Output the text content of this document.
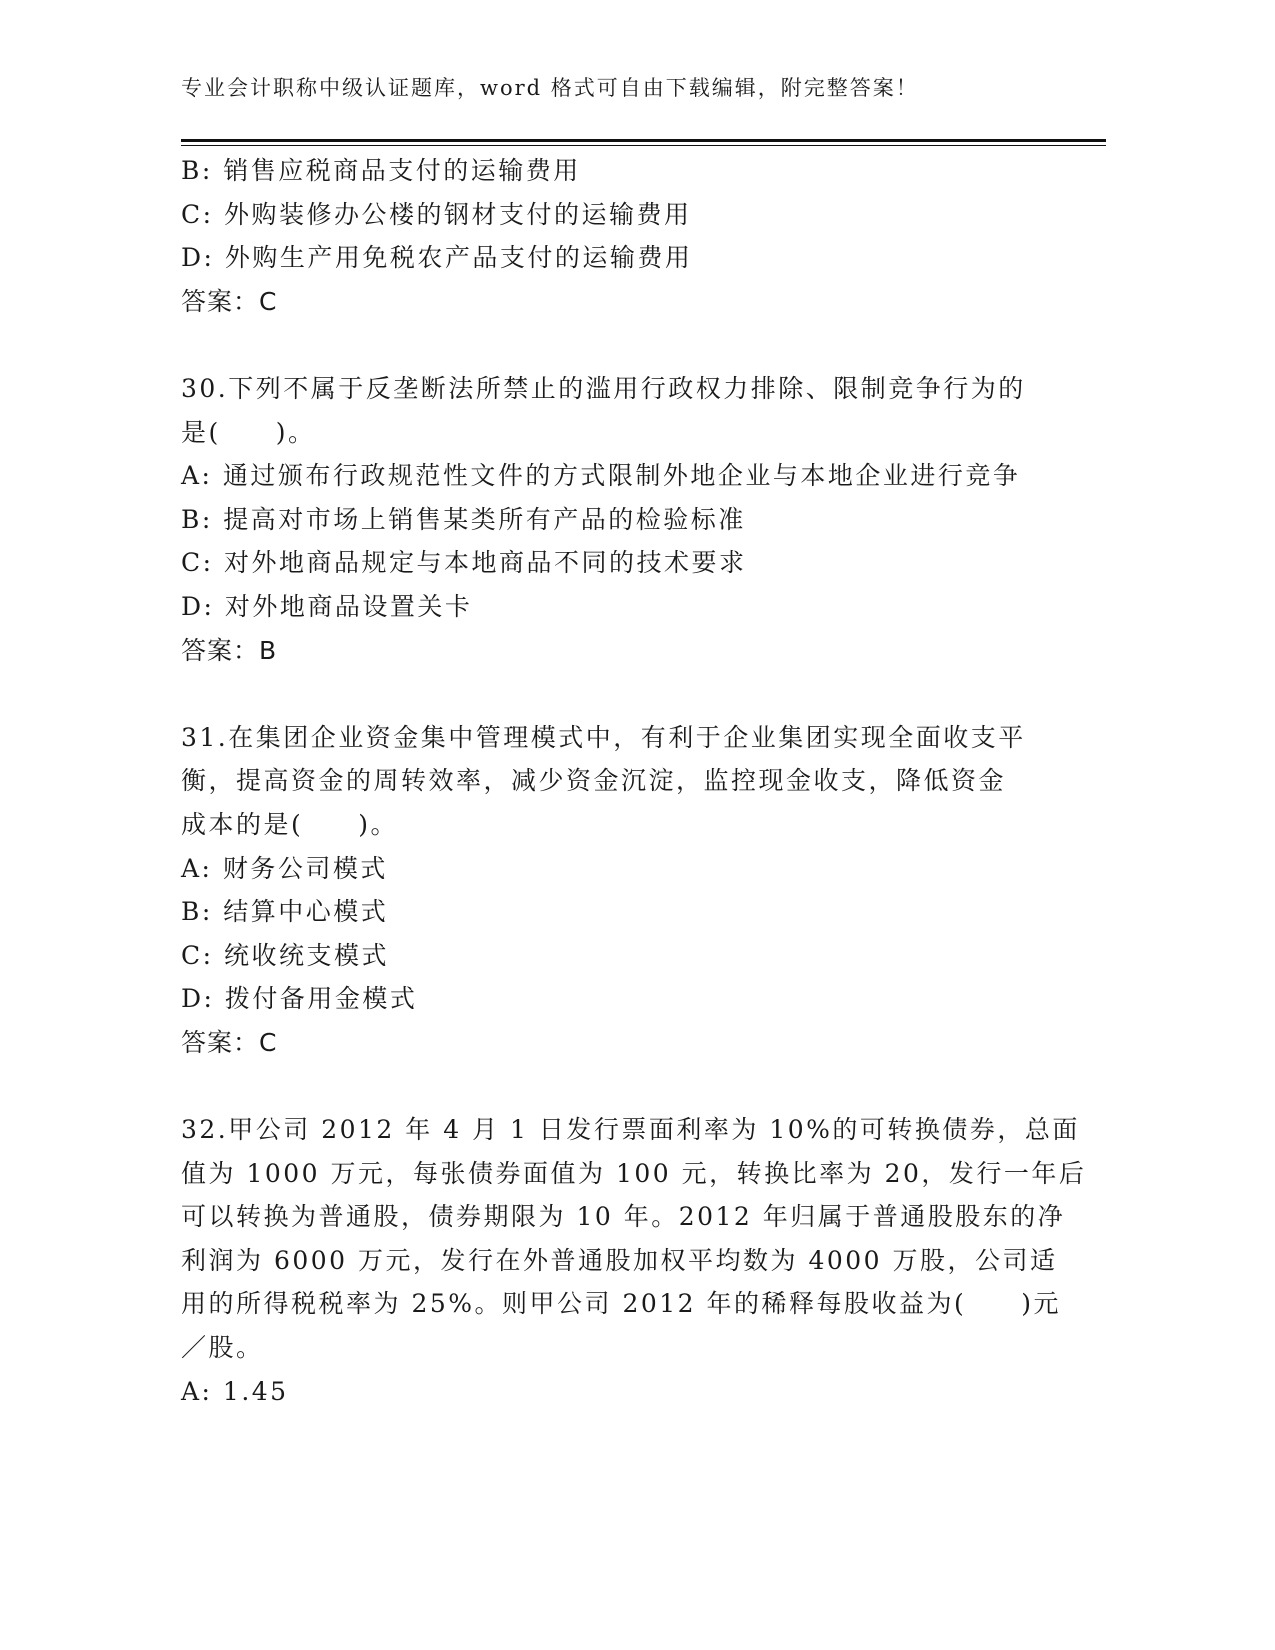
专业会计职称中级认证题库，word 格式可自由下载编辑，附完整答案！
B: 销售应税商品支付的运输费用
C: 外购装修办公楼的钢材支付的运输费用
D: 外购生产用免税农产品支付的运输费用
答案：C
30.下列不属于反垄断法所禁止的滥用行政权力排除、限制竞争行为的
是(　　)。
A: 通过颁布行政规范性文件的方式限制外地企业与本地企业进行竞争
B: 提高对市场上销售某类所有产品的检验标准
C: 对外地商品规定与本地商品不同的技术要求
D: 对外地商品设置关卡
答案：B
31.在集团企业资金集中管理模式中，有利于企业集团实现全面收支平
衡，提高资金的周转效率，减少资金沉淀，监控现金收支，降低资金
成本的是(　　)。
A: 财务公司模式
B: 结算中心模式
C: 统收统支模式
D: 拨付备用金模式
答案：C
32.甲公司 2012 年 4 月 1 日发行票面利率为 10%的可转换债券，总面
值为 1000 万元，每张债券面值为 100 元，转换比率为 20，发行一年后
可以转换为普通股，债券期限为 10 年。2012 年归属于普通股股东的净
利润为 6000 万元，发行在外普通股加权平均数为 4000 万股，公司适
用的所得税税率为 25%。则甲公司 2012 年的稀释每股收益为(　　)元
／股。
A: 1.45
